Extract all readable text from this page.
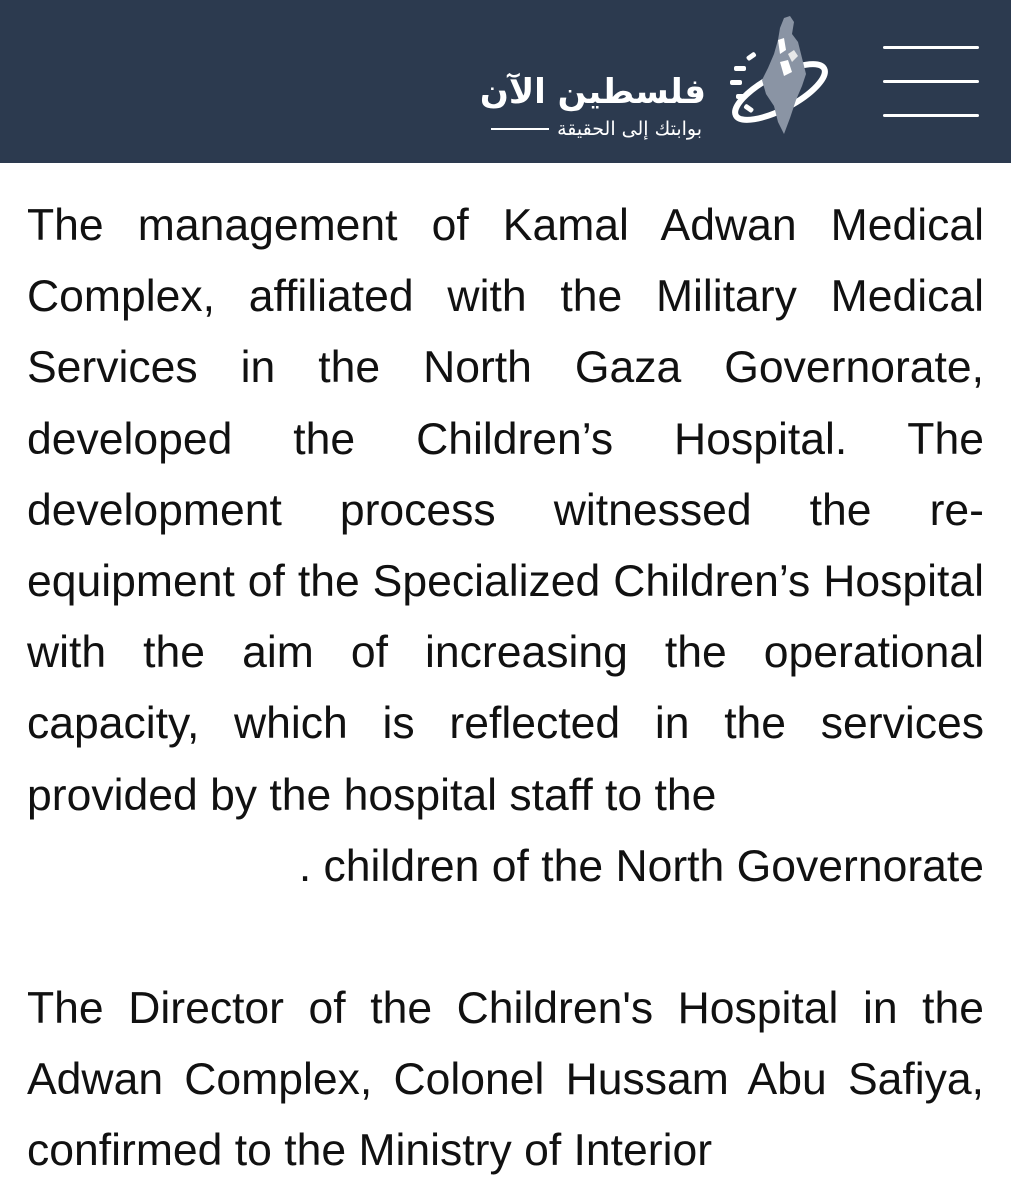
فلسطين الآن
بوابتك إلى الحقيقة

The management of Kamal Adwan Medical Complex, affiliated with the Military Medical Services in the North Gaza Governorate, developed the Children’s Hospital. The development process witnessed the re-equipment of the Specialized Children’s Hospital with the aim of increasing the operational capacity, which is reflected in the services provided by the hospital staff to the
. children of the North Governorate

The Director of the Children's Hospital in the Adwan Complex, Colonel Hussam Abu Safiya, confirmed to the Ministry of Interior
